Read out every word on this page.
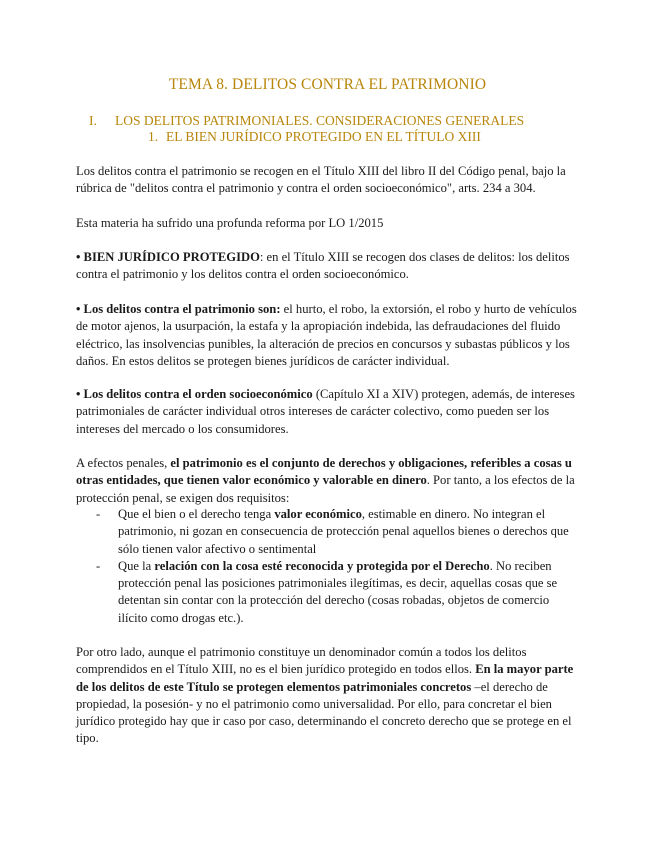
TEMA 8. DELITOS CONTRA EL PATRIMONIO
I. LOS DELITOS PATRIMONIALES. CONSIDERACIONES GENERALES
1. EL BIEN JURÍDICO PROTEGIDO EN EL TÍTULO XIII
Los delitos contra el patrimonio se recogen en el Título XIII del libro II del Código penal, bajo la rúbrica de "delitos contra el patrimonio y contra el orden socioeconómico", arts. 234 a 304.
Esta materia ha sufrido una profunda reforma por LO 1/2015
• BIEN JURÍDICO PROTEGIDO: en el Título XIII se recogen dos clases de delitos: los delitos contra el patrimonio y los delitos contra el orden socioeconómico.
• Los delitos contra el patrimonio son: el hurto, el robo, la extorsión, el robo y hurto de vehículos de motor ajenos, la usurpación, la estafa y la apropiación indebida, las defraudaciones del fluido eléctrico, las insolvencias punibles, la alteración de precios en concursos y subastas públicos y los daños. En estos delitos se protegen bienes jurídicos de carácter individual.
• Los delitos contra el orden socioeconómico (Capítulo XI a XIV) protegen, además, de intereses patrimoniales de carácter individual otros intereses de carácter colectivo, como pueden ser los intereses del mercado o los consumidores.
A efectos penales, el patrimonio es el conjunto de derechos y obligaciones, referibles a cosas u otras entidades, que tienen valor económico y valorable en dinero. Por tanto, a los efectos de la protección penal, se exigen dos requisitos:
- Que el bien o el derecho tenga valor económico, estimable en dinero. No integran el patrimonio, ni gozan en consecuencia de protección penal aquellos bienes o derechos que sólo tienen valor afectivo o sentimental
- Que la relación con la cosa esté reconocida y protegida por el Derecho. No reciben protección penal las posiciones patrimoniales ilegítimas, es decir, aquellas cosas que se detentan sin contar con la protección del derecho (cosas robadas, objetos de comercio ilícito como drogas etc.).
Por otro lado, aunque el patrimonio constituye un denominador común a todos los delitos comprendidos en el Título XIII, no es el bien jurídico protegido en todos ellos. En la mayor parte de los delitos de este Título se protegen elementos patrimoniales concretos –el derecho de propiedad, la posesión- y no el patrimonio como universalidad. Por ello, para concretar el bien jurídico protegido hay que ir caso por caso, determinando el concreto derecho que se protege en el tipo.
